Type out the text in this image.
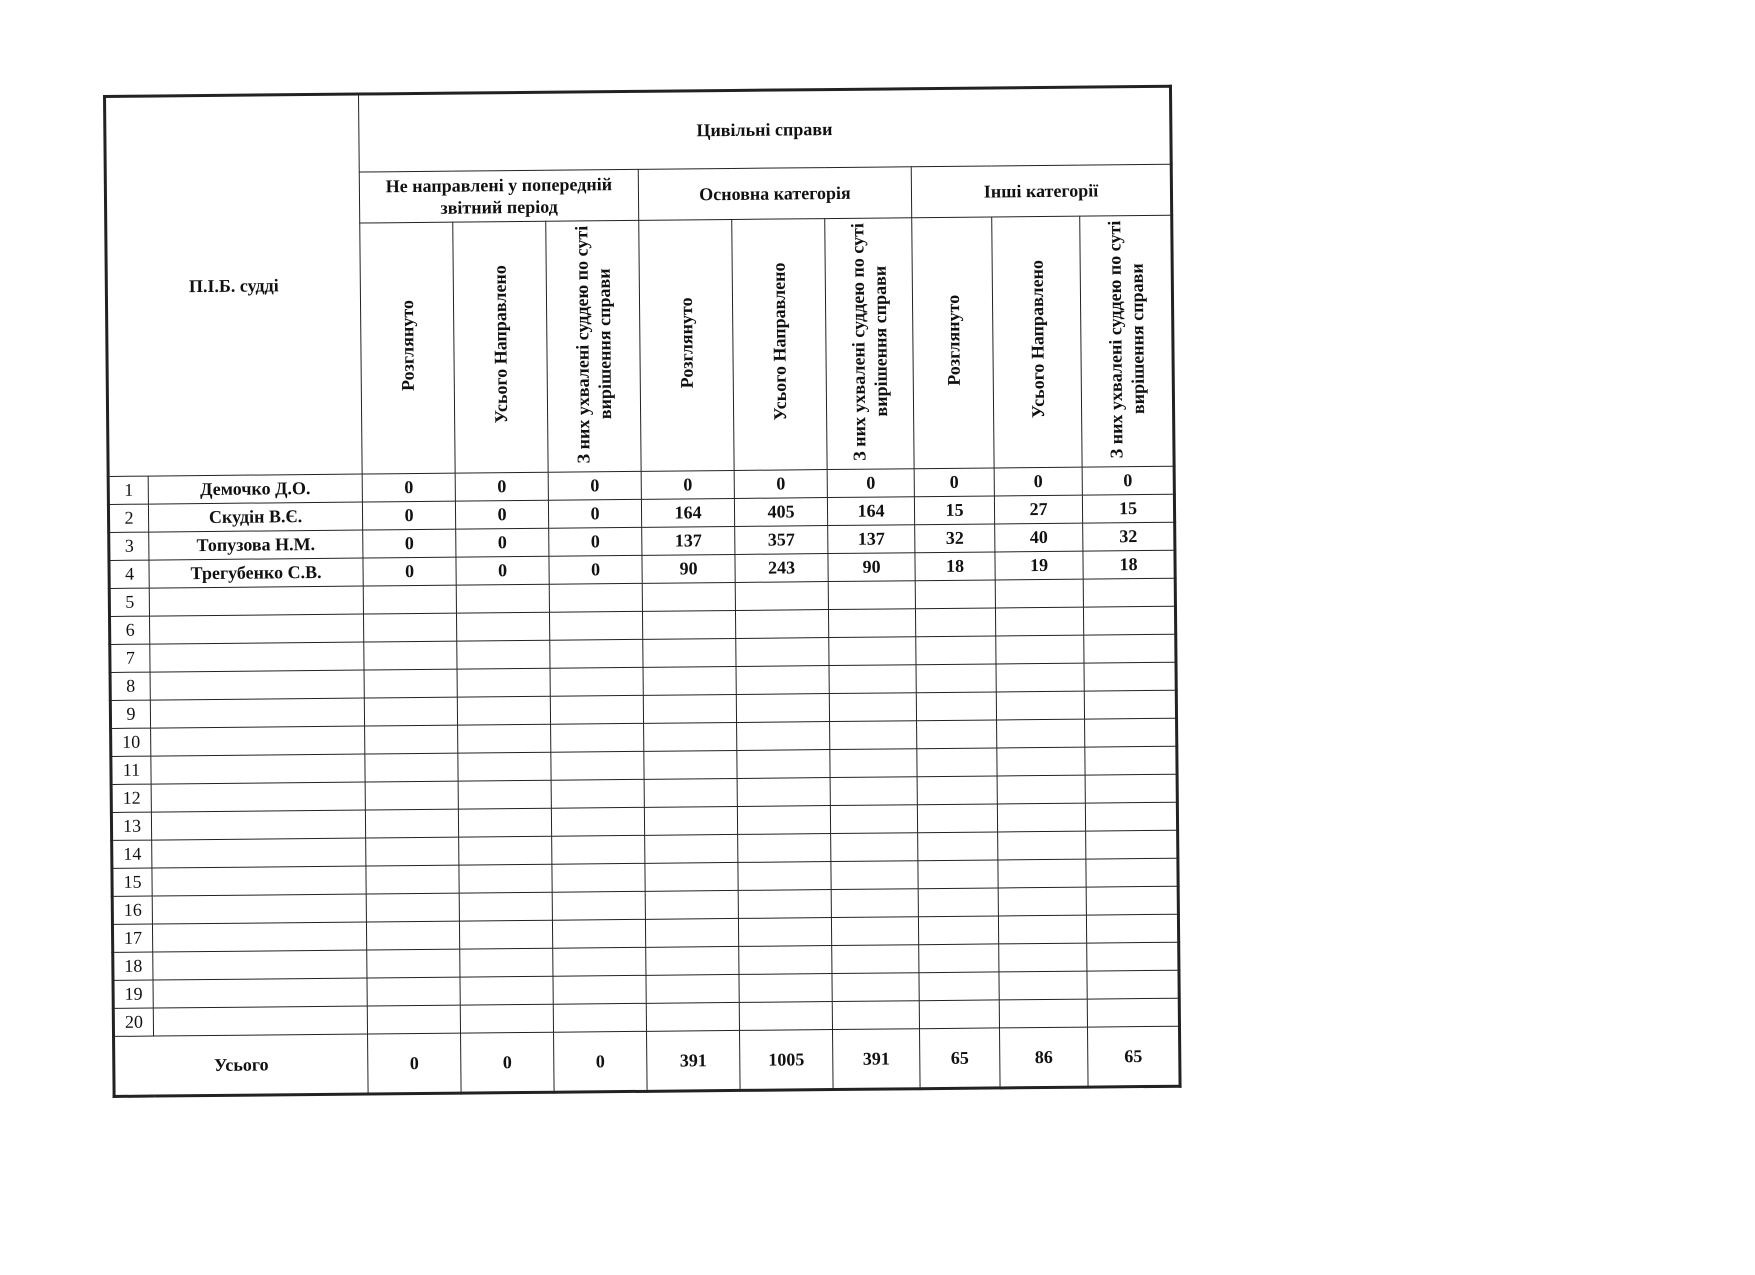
П.І.Б. судді		Цивільні справи								
		Не направлені у попередній звітний період			Основна категорія			Інші категорії		
		Розглянуто	Усього Направлено	З них ухвалені суддею по суті вирішення справи	Розглянуто	Усього Направлено	З них ухвалені суддею по суті вирішення справи	Розглянуто	Усього Направлено	З них ухвалені суддею по суті вирішення справи
1	Демочко Д.О.	0	0	0	0	0	0	0	0	0
2	Скудін В.Є.	0	0	0	164	405	164	15	27	15
3	Топузова Н.М.	0	0	0	137	357	137	32	40	32
4	Трегубенко С.В.	0	0	0	90	243	90	18	19	18
5										
6										
7										
8										
9										
10										
11										
12										
13										
14										
15										
16										
17										
18										
19										
20										
Усього		0	0	0	391	1005	391	65	86	65
